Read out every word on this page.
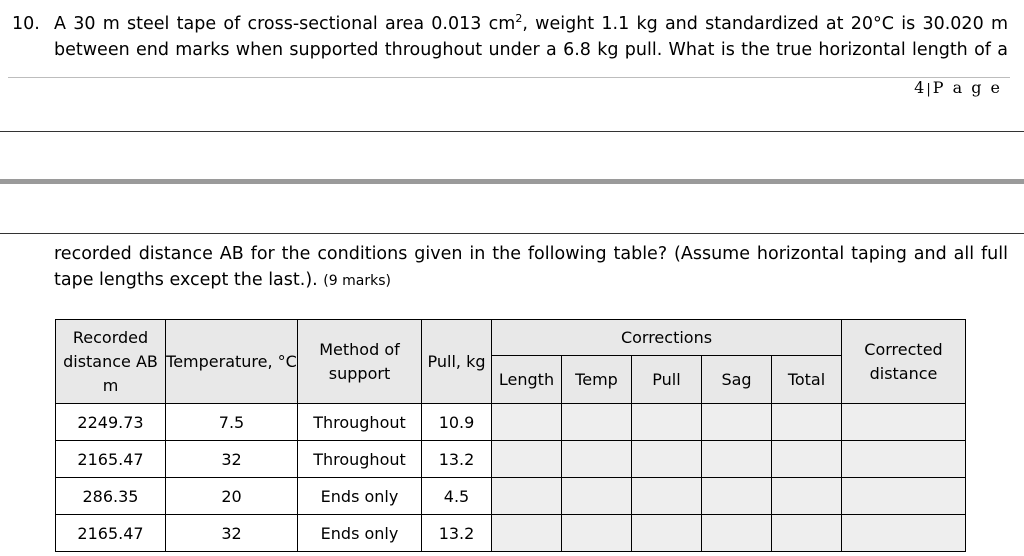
10. A 30 m steel tape of cross-sectional area 0.013 $cm^2$, weight 1.1 kg and standardized at 20°C is 30.020 m
between end marks when supported throughout under a 6.8 kg pull. What is the true horizontal length of a
4|P a g e
recorded distance AB for the conditions given in the following table? (Assume horizontal taping and all full
tape lengths except the last.). (9 marks)
Recorded distance AB m	Temperature, °C	Method of support	Pull, kg	Corrections					Corrected distance
				Length	Temp	Pull	Sag	Total	
2249.73	7.5	Throughout	10.9						
2165.47	32	Throughout	13.2						
286.35	20	Ends only	4.5						
2165.47	32	Ends only	13.2						
